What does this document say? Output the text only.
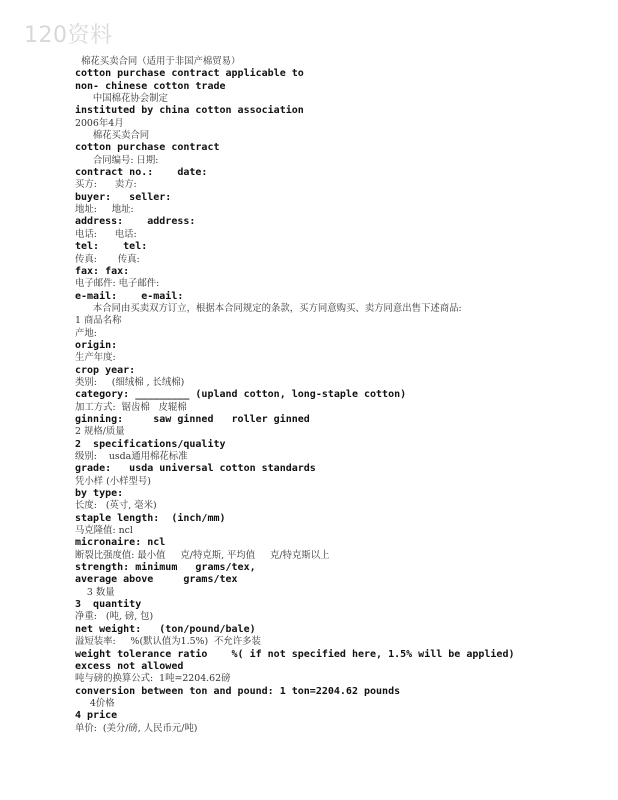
120资料
棉花买卖合同（适用于非国产棉贸易）
cotton purchase contract applicable to
non- chinese cotton trade
中国棉花协会制定
instituted by china cotton association
2006年4月
棉花买卖合同
cotton purchase contract
合同编号: 日期:
contract no.:    date:
买方:      卖方:
buyer:   seller:
地址:     地址:
address:    address:
电话:      电话:
tel:    tel:
传真:       传真:
fax: fax:
电子邮件: 电子邮件:
e-mail:    e-mail:
本合同由买卖双方订立，根据本合同规定的条款，买方同意购买、卖方同意出售下述商品:
1 商品名称
产地:
origin:
生产年度:
crop year:
类别:     (细绒棉 , 长绒棉)
category: _________ (upland cotton, long-staple cotton)
加工方式:  锯齿棉   皮辊棉
ginning:     saw ginned   roller ginned
2 规格/质量
2  specifications/quality
级别:    usda通用棉花标准
grade:   usda universal cotton standards
凭小样 (小样型号)
by type:
长度:   (英寸, 毫米)
staple length:  (inch/mm)
马克隆值: ncl
micronaire: ncl
断裂比强度值: 最小值     克/特克斯, 平均值     克/特克斯以上
strength: minimum   grams/tex,
average above     grams/tex
3 数量
3  quantity
净重:   (吨, 磅, 包)
net weight:   (ton/pound/bale)
溢短装率:     %(默认值为1.5%)  不允许多装
weight tolerance ratio    %( if not specified here, 1.5% will be applied)
excess not allowed
吨与磅的换算公式:  1吨=2204.62磅
conversion between ton and pound: 1 ton=2204.62 pounds
4价格
4 price
单价:  (美分/磅, 人民币元/吨)
